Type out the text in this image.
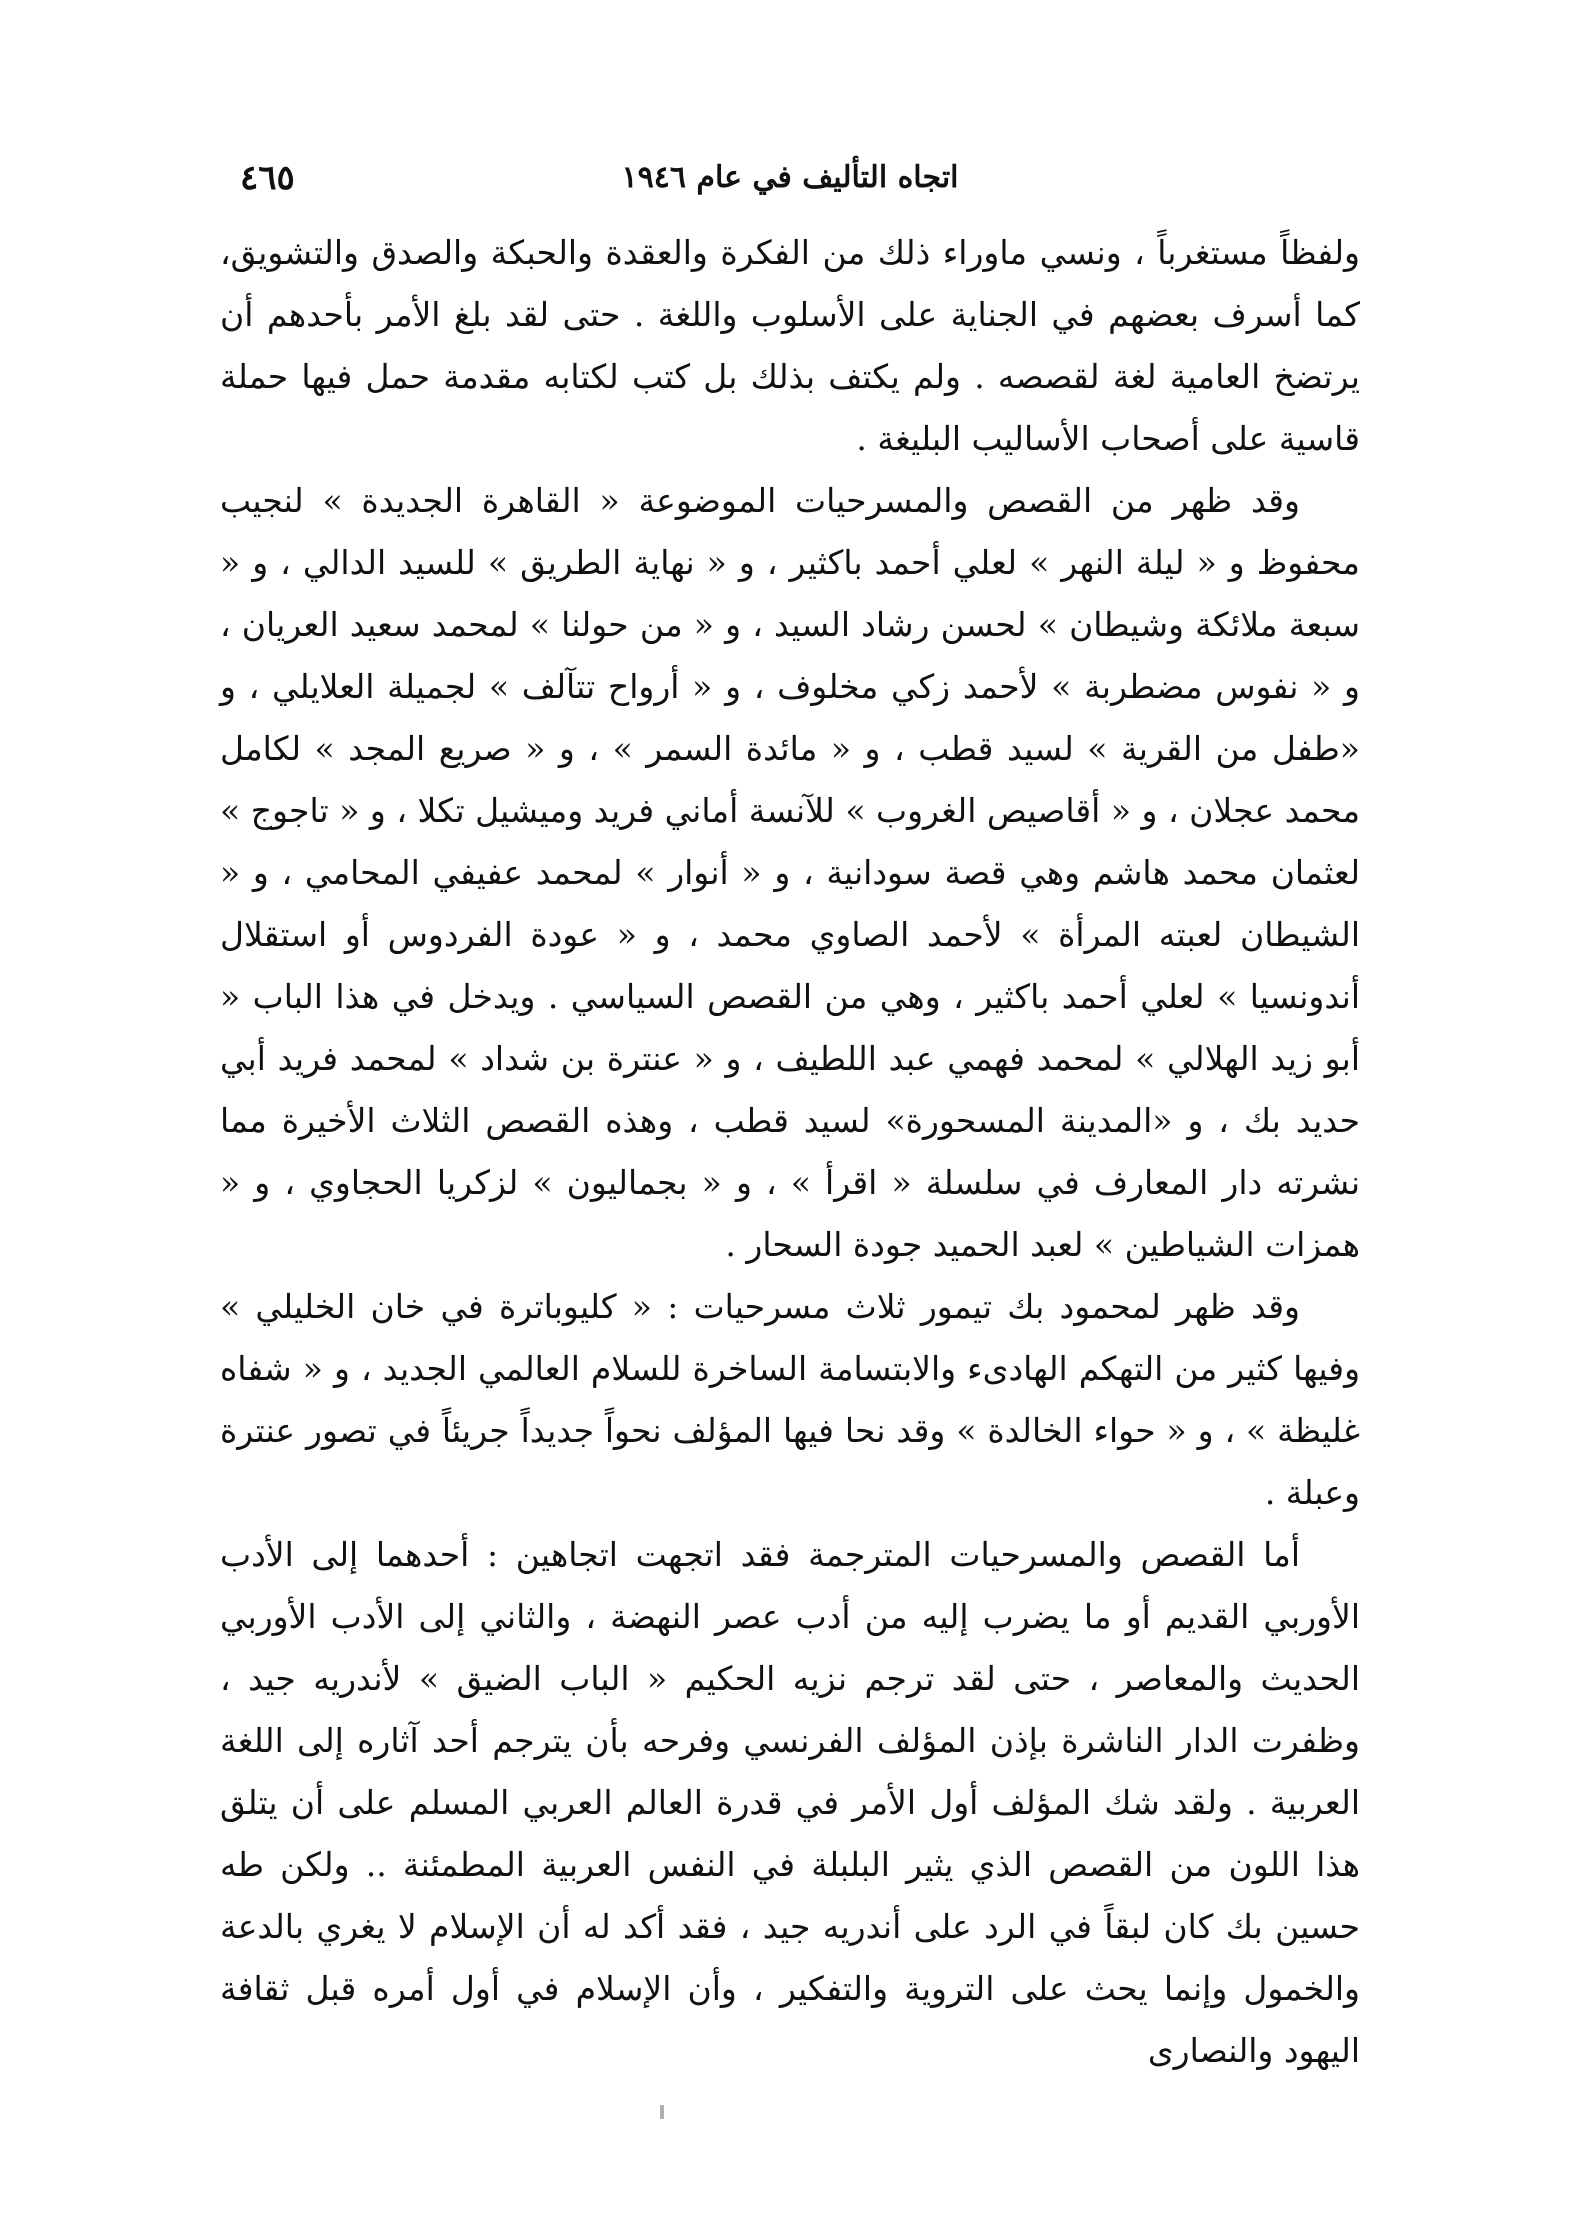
اتجاه التأليف في عام ١٩٤٦
٤٦٥

ولفظاً مستغرباً ، ونسي ماوراء ذلك من الفكرة والعقدة والحبكة والصدق والتشويق، كما أسرف بعضهم في الجناية على الأسلوب واللغة . حتى لقد بلغ الأمر بأحدهم أن يرتضخ العامية لغة لقصصه . ولم يكتف بذلك بل كتب لكتابه مقدمة حمل فيها حملة قاسية على أصحاب الأساليب البليغة .

وقد ظهر من القصص والمسرحيات الموضوعة « القاهرة الجديدة » لنجيب محفوظ و « ليلة النهر » لعلي أحمد باكثير ، و « نهاية الطريق » للسيد الدالي ، و « سبعة ملائكة وشيطان » لحسن رشاد السيد ، و « من حولنا » لمحمد سعيد العريان ، و « نفوس مضطربة » لأحمد زكي مخلوف ، و « أرواح تتآلف » لجميلة العلايلي ، و «طفل من القرية » لسيد قطب ، و « مائدة السمر » ، و « صريع المجد » لكامل محمد عجلان ، و « أقاصيص الغروب » للآنسة أماني فريد وميشيل تكلا ، و « تاجوج » لعثمان محمد هاشم وهي قصة سودانية ، و « أنوار » لمحمد عفيفي المحامي ، و « الشيطان لعبته المرأة » لأحمد الصاوي محمد ، و « عودة الفردوس أو استقلال أندونسيا » لعلي أحمد باكثير ، وهي من القصص السياسي . ويدخل في هذا الباب « أبو زيد الهلالي » لمحمد فهمي عبد اللطيف ، و « عنترة بن شداد » لمحمد فريد أبي حديد بك ، و «المدينة المسحورة» لسيد قطب ، وهذه القصص الثلاث الأخيرة مما نشرته دار المعارف في سلسلة « اقرأ » ، و « بجماليون » لزكريا الحجاوي ، و « همزات الشياطين » لعبد الحميد جودة السحار .

وقد ظهر لمحمود بك تيمور ثلاث مسرحيات : « كليوباترة في خان الخليلي » وفيها كثير من التهكم الهادىء والابتسامة الساخرة للسلام العالمي الجديد ، و « شفاه غليظة » ، و « حواء الخالدة » وقد نحا فيها المؤلف نحواً جديداً جريئاً في تصور عنترة وعبلة .

أما القصص والمسرحيات المترجمة فقد اتجهت اتجاهين : أحدهما إلى الأدب الأوربي القديم أو ما يضرب إليه من أدب عصر النهضة ، والثاني إلى الأدب الأوربي الحديث والمعاصر ، حتى لقد ترجم نزيه الحكيم « الباب الضيق » لأندريه جيد ، وظفرت الدار الناشرة بإذن المؤلف الفرنسي وفرحه بأن يترجم أحد آثاره إلى اللغة العربية . ولقد شك المؤلف أول الأمر في قدرة العالم العربي المسلم على أن يتلق هذا اللون من القصص الذي يثير البلبلة في النفس العربية المطمئنة .. ولكن طه حسين بك كان لبقاً في الرد على أندريه جيد ، فقد أكد له أن الإسلام لا يغري بالدعة والخمول وإنما يحث على التروية والتفكير ، وأن الإسلام في أول أمره قبل ثقافة اليهود والنصارى
